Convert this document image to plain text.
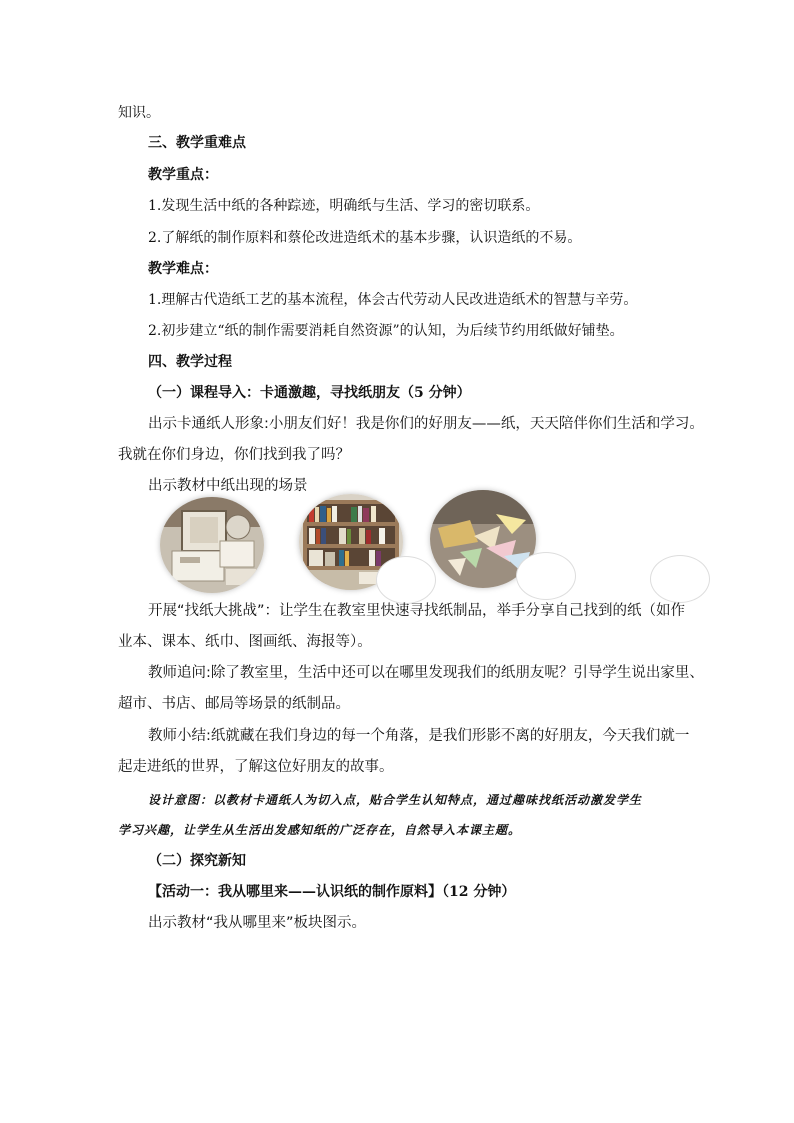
知识。
三、教学重难点
教学重点：
1.发现生活中纸的各种踪迹，明确纸与生活、学习的密切联系。
2.了解纸的制作原料和蔡伦改进造纸术的基本步骤，认识造纸的不易。
教学难点：
1.理解古代造纸工艺的基本流程，体会古代劳动人民改进造纸术的智慧与辛劳。
2.初步建立“纸的制作需要消耗自然资源”的认知，为后续节约用纸做好铺垫。
四、教学过程
（一）课程导入：卡通激趣，寻找纸朋友（5 分钟）
出示卡通纸人形象:小朋友们好！我是你们的好朋友——纸，天天陪伴你们生活和学习。
我就在你们身边，你们找到我了吗？
出示教材中纸出现的场景
开展“找纸大挑战”：让学生在教室里快速寻找纸制品，举手分享自己找到的纸（如作
业本、课本、纸巾、图画纸、海报等）。
教师追问:除了教室里，生活中还可以在哪里发现我们的纸朋友呢？引导学生说出家里、
超市、书店、邮局等场景的纸制品。
教师小结:纸就藏在我们身边的每一个角落，是我们形影不离的好朋友，今天我们就一
起走进纸的世界，了解这位好朋友的故事。
设计意图：以教材卡通纸人为切入点，贴合学生认知特点，通过趣味找纸活动激发学生
学习兴趣，让学生从生活出发感知纸的广泛存在，自然导入本课主题。
（二）探究新知
【活动一：我从哪里来——认识纸的制作原料】（12 分钟）
出示教材“我从哪里来”板块图示。
